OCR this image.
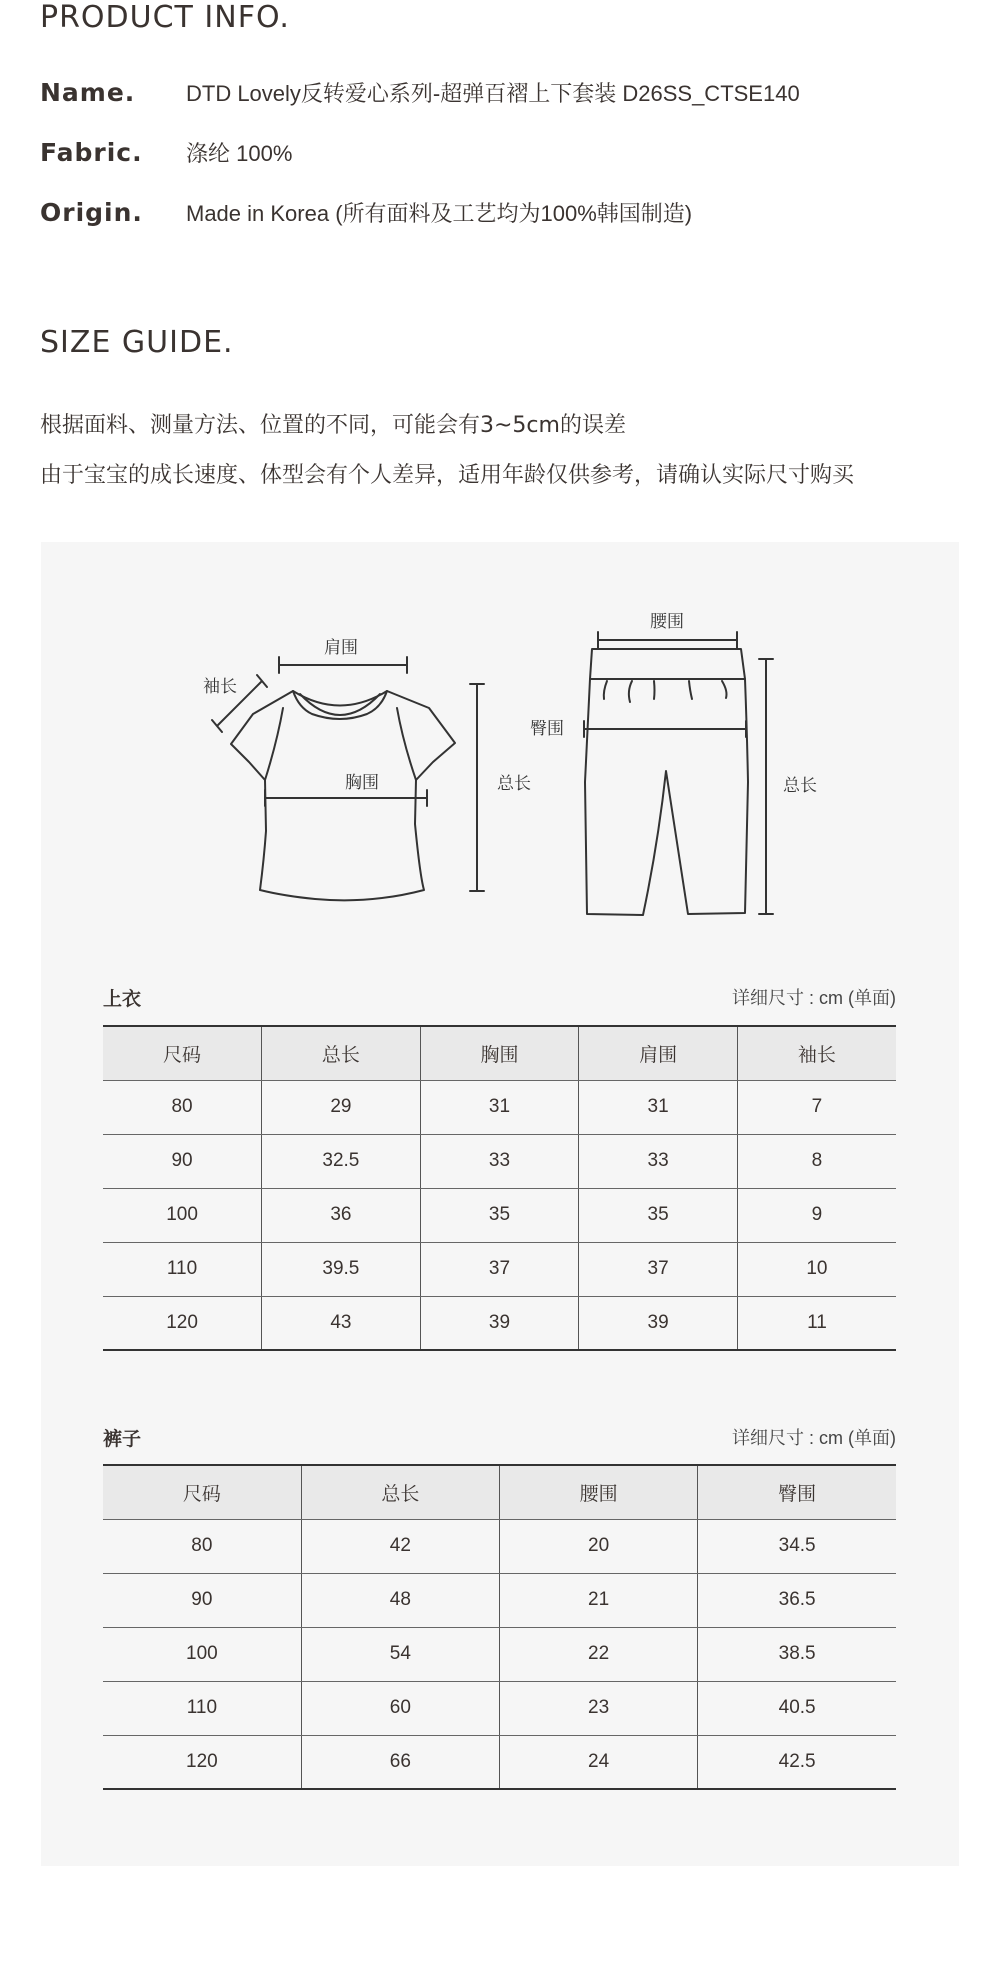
PRODUCT INFO.
Name.	DTD Lovely反转爱心系列-超弹百褶上下套装 D26SS_CTSE140
Fabric.	涤纶 100%
Origin.	Made in Korea (所有面料及工艺均为100%韩国制造)
SIZE GUIDE.
根据面料、测量方法、位置的不同，可能会有3~5cm的误差
由于宝宝的成长速度、体型会有个人差异，适用年龄仅供参考，请确认实际尺寸购买
肩围
袖长
胸围	总长
腰围
臀围
总长
上衣	详细尺寸 : cm (单面)
尺码	总长	胸围	肩围	袖长
80	29	31	31	7
90	32.5	33	33	8
100	36	35	35	9
110	39.5	37	37	10
120	43	39	39	11
裤子	详细尺寸 : cm (单面)
尺码	总长	腰围	臀围
80	42	20	34.5
90	48	21	36.5
100	54	22	38.5
110	60	23	40.5
120	66	24	42.5
